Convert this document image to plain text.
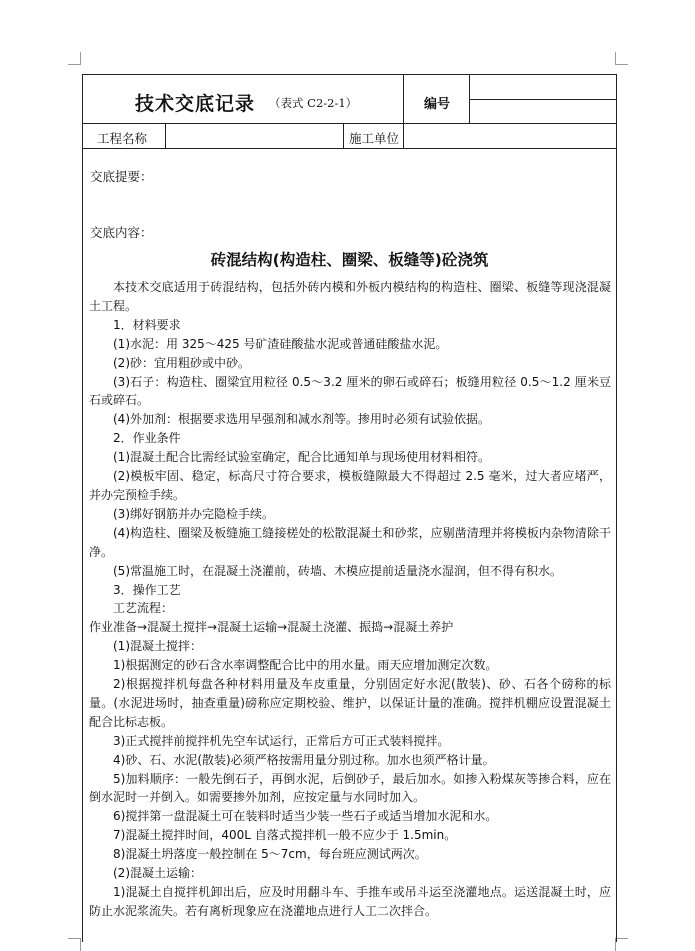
技术交底记录 （表式 C2-2-1）	编号
工程名称	施工单位
交底提要：
交底内容：
砖混结构(构造柱、圈梁、板缝等)砼浇筑

本技术交底适用于砖混结构，包括外砖内模和外板内模结构的构造柱、圈梁、板缝等现浇混凝土工程。

1．材料要求

(1)水泥：用 325～425 号矿渣硅酸盐水泥或普通硅酸盐水泥。

(2)砂：宜用粗砂或中砂。

(3)石子：构造柱、圈梁宜用粒径 0.5～3.2 厘米的卵石或碎石；板缝用粒径 0.5～1.2 厘米豆石或碎石。

(4)外加剂：根据要求选用早强剂和减水剂等。掺用时必须有试验依据。

2．作业条件

(1)混凝土配合比需经试验室确定，配合比通知单与现场使用材料相符。

(2)模板牢固、稳定，标高尺寸符合要求，模板缝隙最大不得超过 2.5 毫米，过大者应堵严，并办完预检手续。

(3)绑好钢筋并办完隐检手续。

(4)构造柱、圈梁及板缝施工缝接槎处的松散混凝土和砂浆，应剔凿清理并将模板内杂物清除干净。

(5)常温施工时，在混凝土浇灌前，砖墙、木模应提前适量浇水湿润，但不得有积水。

3．操作工艺

工艺流程：

作业准备→混凝土搅拌→混凝土运输→混凝土浇灌、振捣→混凝土养护

(1)混凝土搅拌：

1)根据测定的砂石含水率调整配合比中的用水量。雨天应增加测定次数。

2)根据搅拌机每盘各种材料用量及车皮重量，分别固定好水泥(散装)、砂、石各个磅称的标量。(水泥进场时，抽查重量)磅称应定期校验、维护，以保证计量的准确。搅拌机棚应设置混凝土配合比标志板。

3)正式搅拌前搅拌机先空车试运行，正常后方可正式装料搅拌。

4)砂、石、水泥(散装)必须严格按需用量分别过称。加水也须严格计量。

5)加料顺序：一般先倒石子，再倒水泥，后倒砂子，最后加水。如掺入粉煤灰等掺合料，应在倒水泥时一并倒入。如需要掺外加剂，应按定量与水同时加入。

6)搅拌第一盘混凝土可在装料时适当少装一些石子或适当增加水泥和水。

7)混凝土搅拌时间，400L 自落式搅拌机一般不应少于 1.5min。

8)混凝土坍落度一般控制在 5～7cm，每台班应测试两次。

(2)混凝土运输：

1)混凝土自搅拌机卸出后，应及时用翻斗车、手推车或吊斗运至浇灌地点。运送混凝土时，应防止水泥浆流失。若有离析现象应在浇灌地点进行人工二次拌合。
